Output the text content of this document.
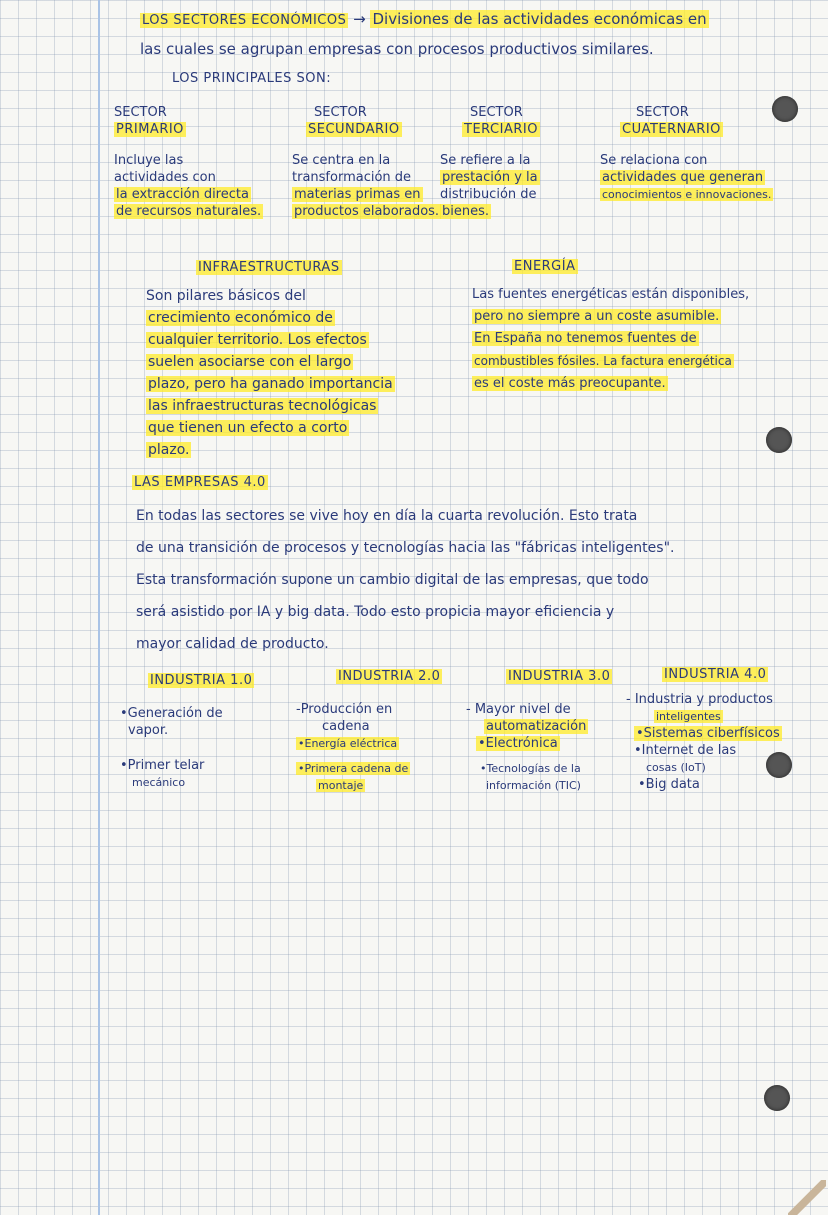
LOS SECTORES ECONÓMICOS → Divisiones de las actividades económicas en
las cuales se agrupan empresas con procesos productivos similares.
LOS PRINCIPALES SON:
SECTOR
PRIMARIO
Incluye las
actividades con
la extracción directa
de recursos naturales.
SECTOR
SECUNDARIO
Se centra en la
transformación de
materias primas en
productos elaborados.
SECTOR
TERCIARIO
Se refiere a la
prestación y la
distribución de
bienes.
SECTOR
CUATERNARIO
Se relaciona con
actividades que generan
conocimientos e innovaciones.
INFRAESTRUCTURAS
Son pilares básicos del
crecimiento económico de
cualquier territorio. Los efectos
suelen asociarse con el largo
plazo, pero ha ganado importancia
las infraestructuras tecnológicas
que tienen un efecto a corto
plazo.
ENERGÍA
Las fuentes energéticas están disponibles,
pero no siempre a un coste asumible.
En España no tenemos fuentes de
combustibles fósiles. La factura energética
es el coste más preocupante.
LAS EMPRESAS 4.0
En todas las sectores se vive hoy en día la cuarta revolución. Esto trata
de una transición de procesos y tecnologías hacia las "fábricas inteligentes".
Esta transformación supone un cambio digital de las empresas, que todo
será asistido por IA y big data. Todo esto propicia mayor eficiencia y
mayor calidad de producto.
INDUSTRIA 1.0
•Generación de
vapor.
•Primer telar
mecánico
INDUSTRIA 2.0
-Producción en
cadena
•Energía eléctrica
•Primera cadena de
montaje
INDUSTRIA 3.0
- Mayor nivel de
automatización
•Electrónica
•Tecnologías de la
información (TIC)
INDUSTRIA 4.0
- Industria y productos
inteligentes
•Sistemas ciberfísicos
•Internet de las
cosas (IoT)
•Big data
